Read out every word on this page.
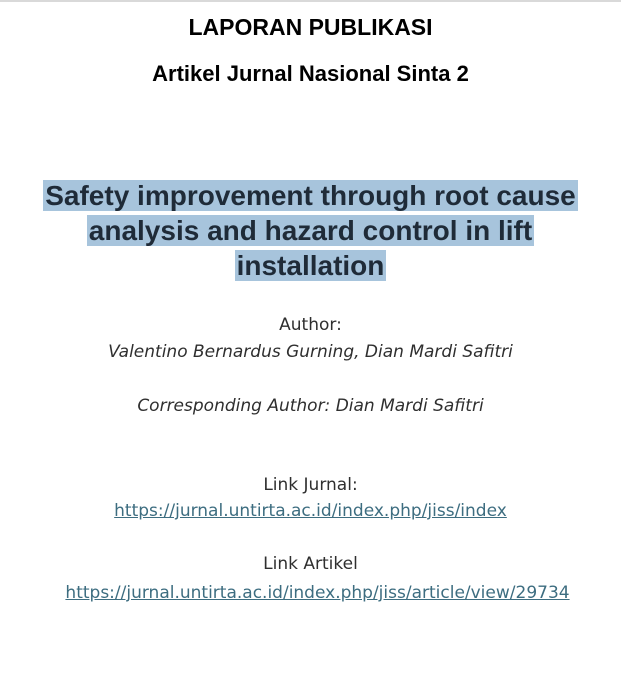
LAPORAN PUBLIKASI
Artikel Jurnal Nasional Sinta 2
Safety improvement through root cause analysis and hazard control in lift installation
Author:
Valentino Bernardus Gurning, Dian Mardi Safitri
Corresponding Author: Dian Mardi Safitri
Link Jurnal:
https://jurnal.untirta.ac.id/index.php/jiss/index
Link Artikel
https://jurnal.untirta.ac.id/index.php/jiss/article/view/29734
